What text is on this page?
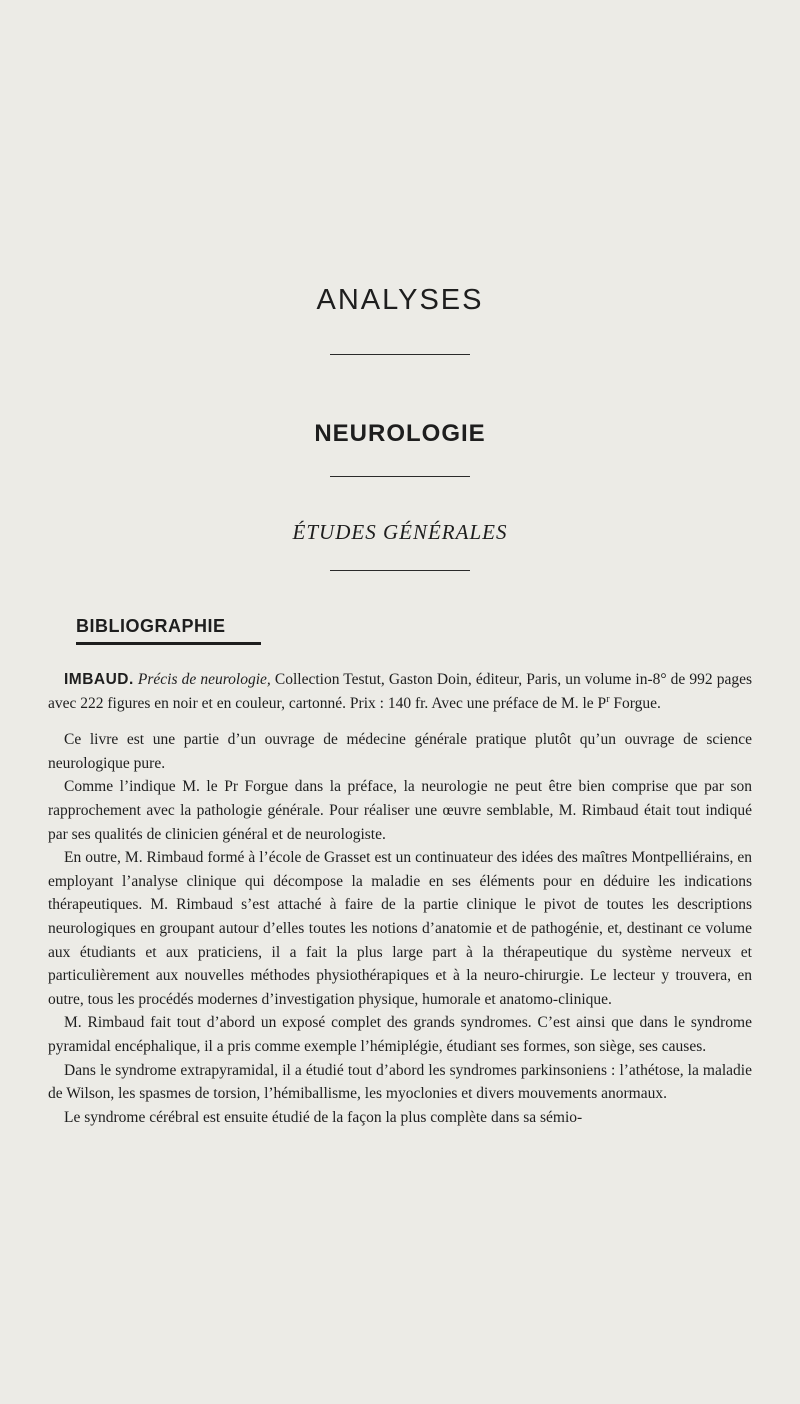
ANALYSES
NEUROLOGIE
ÉTUDES GÉNÉRALES
BIBLIOGRAPHIE

IMBAUD. Précis de neurologie, Collection Testut, Gaston Doin, éditeur, Paris, un volume in-8° de 992 pages avec 222 figures en noir et en couleur, cartonné. Prix : 140 fr. Avec une préface de M. le $P^r$ Forgue.

Ce livre est une partie d’un ouvrage de médecine générale pratique plutôt qu’un ouvrage de science neurologique pure.

Comme l’indique M. le Pr Forgue dans la préface, la neurologie ne peut être bien comprise que par son rapprochement avec la pathologie générale. Pour réaliser une œuvre semblable, M. Rimbaud était tout indiqué par ses qualités de clinicien général et de neurologiste.

En outre, M. Rimbaud formé à l’école de Grasset est un continuateur des idées des maîtres Montpelliérains, en employant l’analyse clinique qui décompose la maladie en ses éléments pour en déduire les indications thérapeutiques. M. Rimbaud s’est attaché à faire de la partie clinique le pivot de toutes les descriptions neurologiques en groupant autour d’elles toutes les notions d’anatomie et de pathogénie, et, destinant ce volume aux étudiants et aux praticiens, il a fait la plus large part à la thérapeutique du système nerveux et particulièrement aux nouvelles méthodes physiothérapiques et à la neuro-chirurgie. Le lecteur y trouvera, en outre, tous les procédés modernes d’investigation physique, humorale et anatomo-clinique.

M. Rimbaud fait tout d’abord un exposé complet des grands syndromes. C’est ainsi que dans le syndrome pyramidal encéphalique, il a pris comme exemple l’hémiplégie, étudiant ses formes, son siège, ses causes.

Dans le syndrome extrapyramidal, il a étudié tout d’abord les syndromes parkinsoniens : l’athétose, la maladie de Wilson, les spasmes de torsion, l’hémiballisme, les myoclonies et divers mouvements anormaux.

Le syndrome cérébral est ensuite étudié de la façon la plus complète dans sa sémio-
